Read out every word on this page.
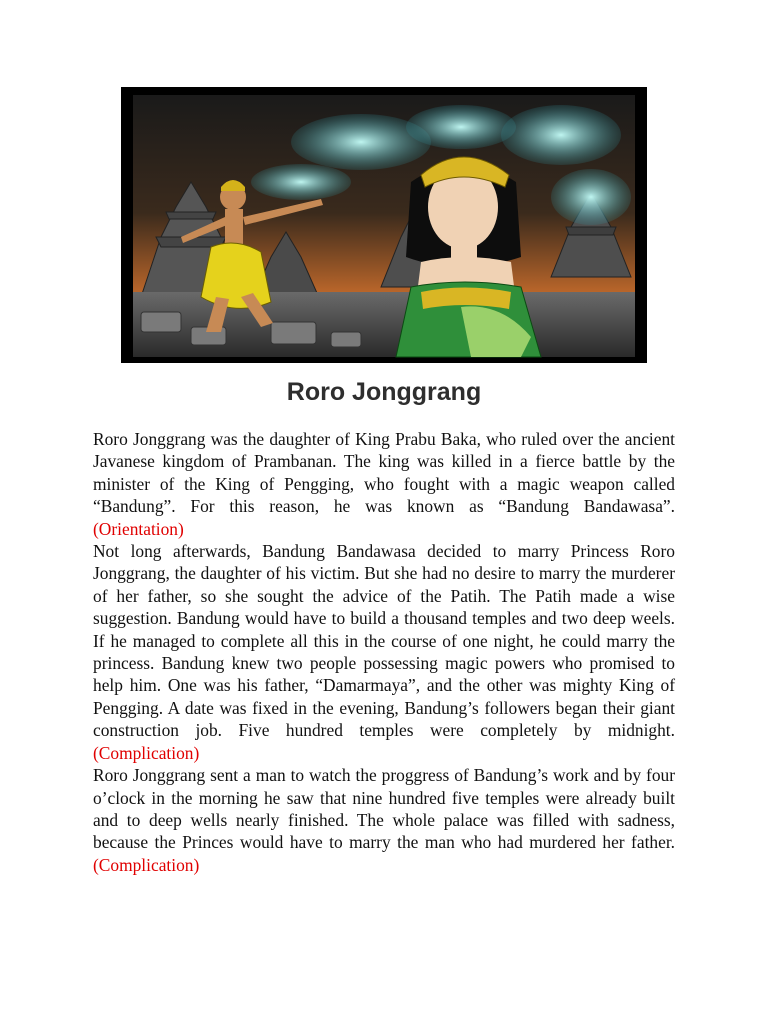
Roro Jonggrang

Roro Jonggrang was the daughter of King Prabu Baka, who ruled over the ancient Javanese kingdom of Prambanan. The king was killed in a fierce battle by the minister of the King of Pengging, who fought with a magic weapon called “Bandung”. For this reason, he was known as “Bandung Bandawasa”. (Orientation)

Not long afterwards, Bandung Bandawasa decided to marry Princess Roro Jonggrang, the daughter of his victim. But she had no desire to marry the murderer of her father, so she sought the advice of the Patih. The Patih made a wise suggestion. Bandung would have to build a thousand temples and two deep weels. If he managed to complete all this in the course of one night, he could marry the princess. Bandung knew two people possessing magic powers who promised to help him. One was his father, “Damarmaya”, and the other was mighty King of Pengging. A date was fixed in the evening, Bandung’s followers began their giant construction job. Five hundred temples were completely by midnight. (Complication)

Roro Jonggrang sent a man to watch the proggress of Bandung’s work and by four o’clock in the morning he saw that nine hundred five temples were already built and to deep wells nearly finished. The whole palace was filled with sadness, because the Princes would have to marry the man who had murdered her father. (Complication)
